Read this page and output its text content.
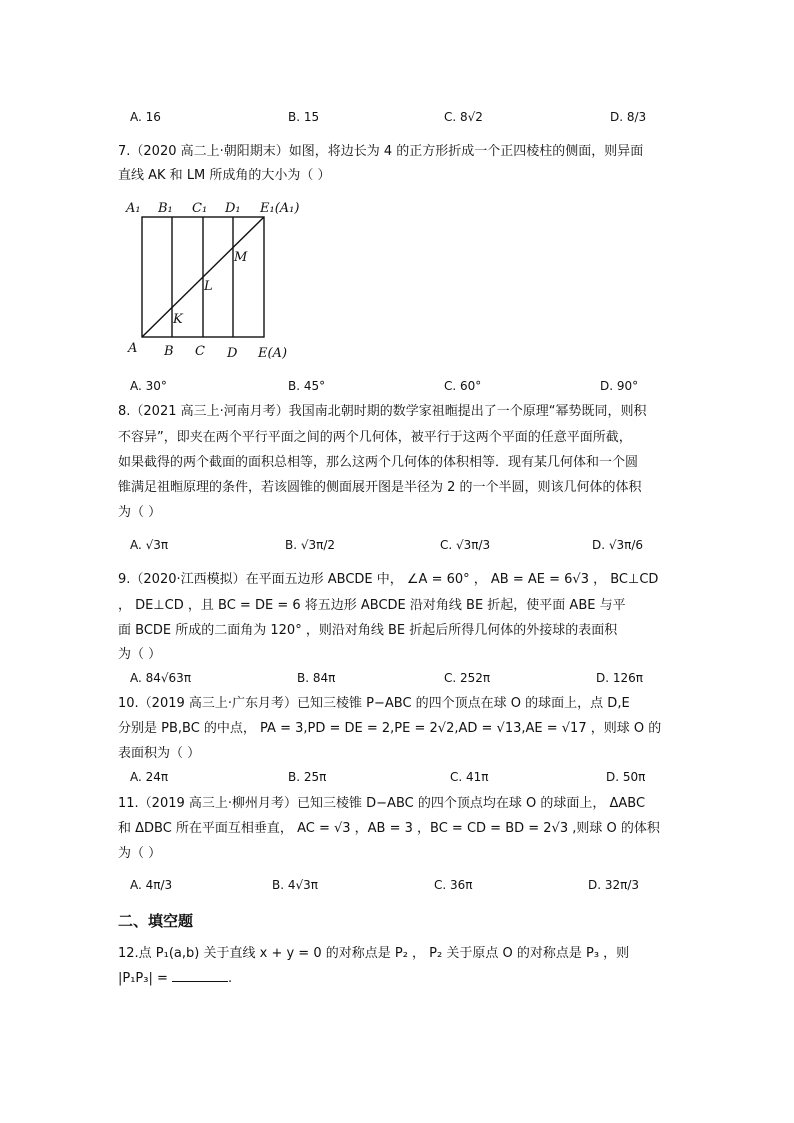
A. 16	B. 15	C. 8√2	D. 8/3
7.（2020 高二上·朝阳期末）如图，将边长为 4 的正方形折成一个正四棱柱的侧面，则异面
直线 AK 和 LM 所成角的大小为（ ）
A₁ B₁ C₁ D₁ E₁(A₁)
A B C D E(A)
K
L
M
A. 30°	B. 45°	C. 60°	D. 90°
8.（2021 高三上·河南月考）我国南北朝时期的数学家祖暅提出了一个原理“幂势既同，则积
不容异”，即夹在两个平行平面之间的两个几何体，被平行于这两个平面的任意平面所截，
如果截得的两个截面的面积总相等，那么这两个几何体的体积相等．现有某几何体和一个圆
锥满足祖暅原理的条件，若该圆锥的侧面展开图是半径为 2 的一个半圆，则该几何体的体积
为（ ）
A. √3π	B. √3π/2	C. √3π/3	D. √3π/6
9.（2020·江西模拟）在平面五边形 ABCDE 中， ∠A = 60° ， AB = AE = 6√3 ， BC⊥CD
， DE⊥CD ，且 BC = DE = 6 将五边形 ABCDE 沿对角线 BE 折起，使平面 ABE 与平
面 BCDE 所成的二面角为 120° ，则沿对角线 BE 折起后所得几何体的外接球的表面积
为（ ）
A. 84√63π	B. 84π	C. 252π	D. 126π
10.（2019 高三上·广东月考）已知三棱锥 P−ABC 的四个顶点在球 O 的球面上，点 D,E
分别是 PB,BC 的中点， PA = 3,PD = DE = 2,PE = 2√2,AD = √13,AE = √17 ，则球 O 的
表面积为（ ）
A. 24π	B. 25π	C. 41π	D. 50π
11.（2019 高三上·柳州月考）已知三棱锥 D−ABC 的四个顶点均在球 O 的球面上， ΔABC
和 ΔDBC 所在平面互相垂直， AC = √3 ，AB = 3 ，BC = CD = BD = 2√3 ,则球 O 的体积
为（ ）
A. 4π/3	B. 4√3π	C. 36π	D. 32π/3
二、填空题
12.点 P₁(a,b) 关于直线 x + y = 0 的对称点是 P₂ ， P₂ 关于原点 O 的对称点是 P₃ ，则
|P₁P₃| =	.
